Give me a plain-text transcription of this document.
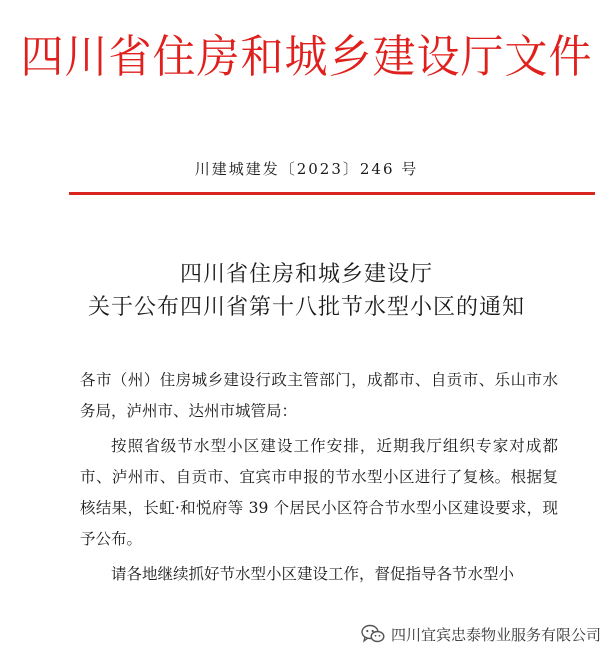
四川省住房和城乡建设厅文件
川建城建发〔2023〕246 号
四川省住房和城乡建设厅
关于公布四川省第十八批节水型小区的通知

各市（州）住房城乡建设行政主管部门，成都市、自贡市、乐山市水务局，泸州市、达州市城管局：

按照省级节水型小区建设工作安排，近期我厅组织专家对成都市、泸州市、自贡市、宜宾市申报的节水型小区进行了复核。根据复核结果，长虹·和悦府等 39 个居民小区符合节水型小区建设要求，现予公布。

请各地继续抓好节水型小区建设工作，督促指导各节水型小

四川宜宾忠泰物业服务有限公司
